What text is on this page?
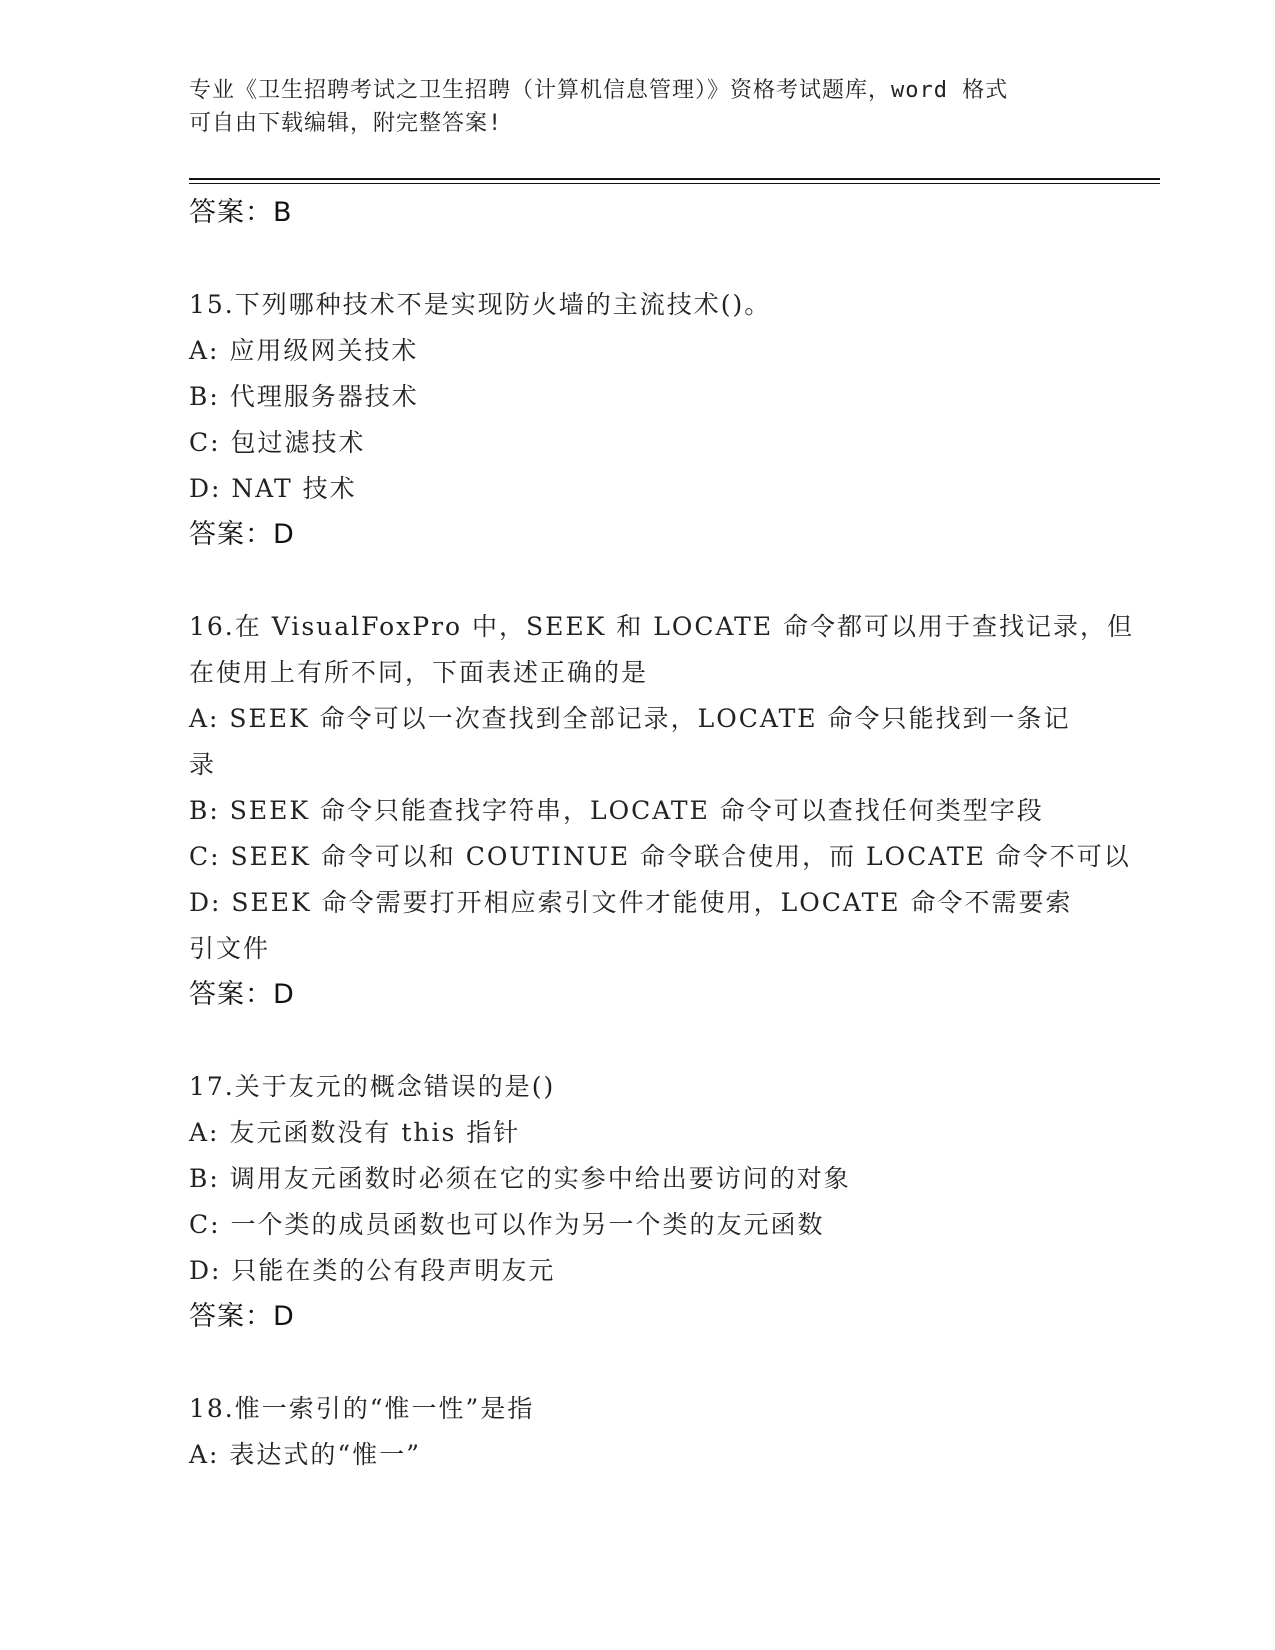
专业《卫生招聘考试之卫生招聘（计算机信息管理）》资格考试题库，word 格式
可自由下载编辑，附完整答案!
答案：B
15.下列哪种技术不是实现防火墙的主流技术()。
A: 应用级网关技术
B: 代理服务器技术
C: 包过滤技术
D: NAT 技术
答案：D
16.在 VisualFoxPro 中，SEEK 和 LOCATE 命令都可以用于查找记录，但
在使用上有所不同，下面表述正确的是
A: SEEK 命令可以一次查找到全部记录，LOCATE 命令只能找到一条记
录
B: SEEK 命令只能查找字符串，LOCATE 命令可以查找任何类型字段
C: SEEK 命令可以和 COUTINUE 命令联合使用，而 LOCATE 命令不可以
D: SEEK 命令需要打开相应索引文件才能使用，LOCATE 命令不需要索
引文件
答案：D
17.关于友元的概念错误的是()
A: 友元函数没有 this 指针
B: 调用友元函数时必须在它的实参中给出要访问的对象
C: 一个类的成员函数也可以作为另一个类的友元函数
D: 只能在类的公有段声明友元
答案：D
18.惟一索引的“惟一性”是指
A: 表达式的“惟一”
